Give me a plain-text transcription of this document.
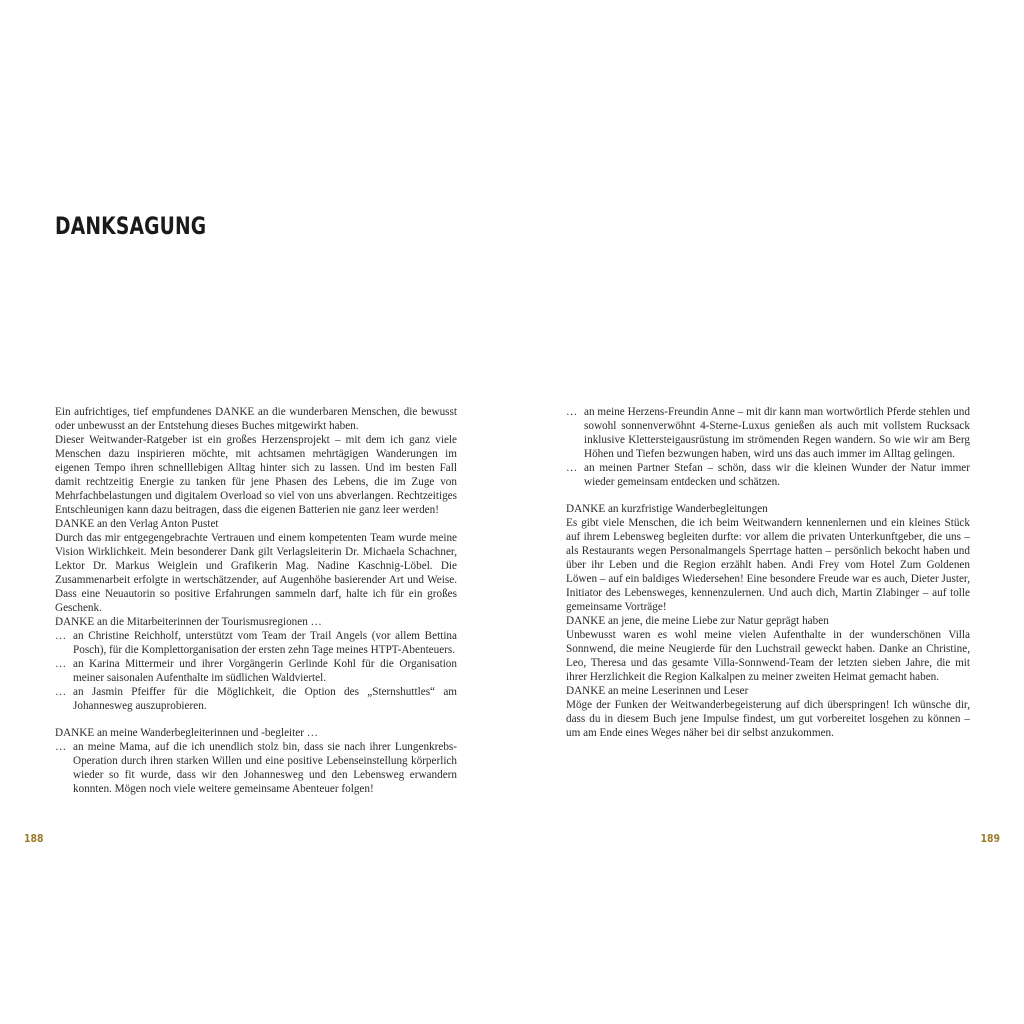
DANKSAGUNG

Ein aufrichtiges, tief empfundenes DANKE an die wunderbaren Menschen, die bewusst oder unbewusst an der Entstehung dieses Buches mitgewirkt haben.

Dieser Weitwander-Ratgeber ist ein großes Herzensprojekt – mit dem ich ganz viele Menschen dazu inspirieren möchte, mit achtsamen mehrtägigen Wanderungen im eigenen Tempo ihren schnelllebigen Alltag hinter sich zu lassen. Und im besten Fall damit rechtzeitig Energie zu tanken für jene Phasen des Lebens, die im Zuge von Mehrfachbelastungen und digitalem Overload so viel von uns abverlangen. Rechtzeitiges Entschleunigen kann dazu beitragen, dass die eigenen Batterien nie ganz leer werden!

DANKE an den Verlag Anton Pustet

Durch das mir entgegengebrachte Vertrauen und einem kompetenten Team wurde meine Vision Wirklichkeit. Mein besonderer Dank gilt Verlagsleiterin Dr. Michaela Schachner, Lektor Dr. Markus Weiglein und Grafikerin Mag. Nadine Kaschnig-Löbel. Die Zusammenarbeit erfolgte in wertschätzender, auf Augenhöhe basierender Art und Weise. Dass eine Neuautorin so positive Erfahrungen sammeln darf, halte ich für ein großes Geschenk.

DANKE an die Mitarbeiterinnen der Tourismusregionen …

… an Christine Reichholf, unterstützt vom Team der Trail Angels (vor allem Bettina Posch), für die Komplettorganisation der ersten zehn Tage meines HTPT-Abenteuers.
… an Karina Mittermeir und ihrer Vorgängerin Gerlinde Kohl für die Organisation meiner saisonalen Aufenthalte im südlichen Waldviertel.
… an Jasmin Pfeiffer für die Möglichkeit, die Option des „Sternshuttles“ am Johannesweg auszuprobieren.

DANKE an meine Wanderbegleiterinnen und -begleiter …

… an meine Mama, auf die ich unendlich stolz bin, dass sie nach ihrer Lungenkrebs-Operation durch ihren starken Willen und eine positive Lebenseinstellung körperlich wieder so fit wurde, dass wir den Johannesweg und den Lebensweg erwandern konnten. Mögen noch viele weitere gemeinsame Abenteuer folgen!
… an meine Herzens-Freundin Anne – mit dir kann man wortwörtlich Pferde stehlen und sowohl sonnenverwöhnt 4-Sterne-Luxus genießen als auch mit vollstem Rucksack inklusive Klettersteigausrüstung im strömenden Regen wandern. So wie wir am Berg Höhen und Tiefen bezwungen haben, wird uns das auch immer im Alltag gelingen.
… an meinen Partner Stefan – schön, dass wir die kleinen Wunder der Natur immer wieder gemeinsam entdecken und schätzen.

DANKE an kurzfristige Wanderbegleitungen

Es gibt viele Menschen, die ich beim Weitwandern kennenlernen und ein kleines Stück auf ihrem Lebensweg begleiten durfte: vor allem die privaten Unterkunftgeber, die uns – als Restaurants wegen Personalmangels Sperrtage hatten – persönlich bekocht haben und über ihr Leben und die Region erzählt haben. Andi Frey vom Hotel Zum Goldenen Löwen – auf ein baldiges Wiedersehen! Eine besondere Freude war es auch, Dieter Juster, Initiator des Lebensweges, kennenzulernen. Und auch dich, Martin Zlabinger – auf tolle gemeinsame Vorträge!

DANKE an jene, die meine Liebe zur Natur geprägt haben

Unbewusst waren es wohl meine vielen Aufenthalte in der wunderschönen Villa Sonnwend, die meine Neugierde für den Luchstrail geweckt haben. Danke an Christine, Leo, Theresa und das gesamte Villa-Sonnwend-Team der letzten sieben Jahre, die mit ihrer Herzlichkeit die Region Kalkalpen zu meiner zweiten Heimat gemacht haben.

DANKE an meine Leserinnen und Leser

Möge der Funken der Weitwanderbegeisterung auf dich überspringen! Ich wünsche dir, dass du in diesem Buch jene Impulse findest, um gut vorbereitet losgehen zu können – um am Ende eines Weges näher bei dir selbst anzukommen.

188	189
